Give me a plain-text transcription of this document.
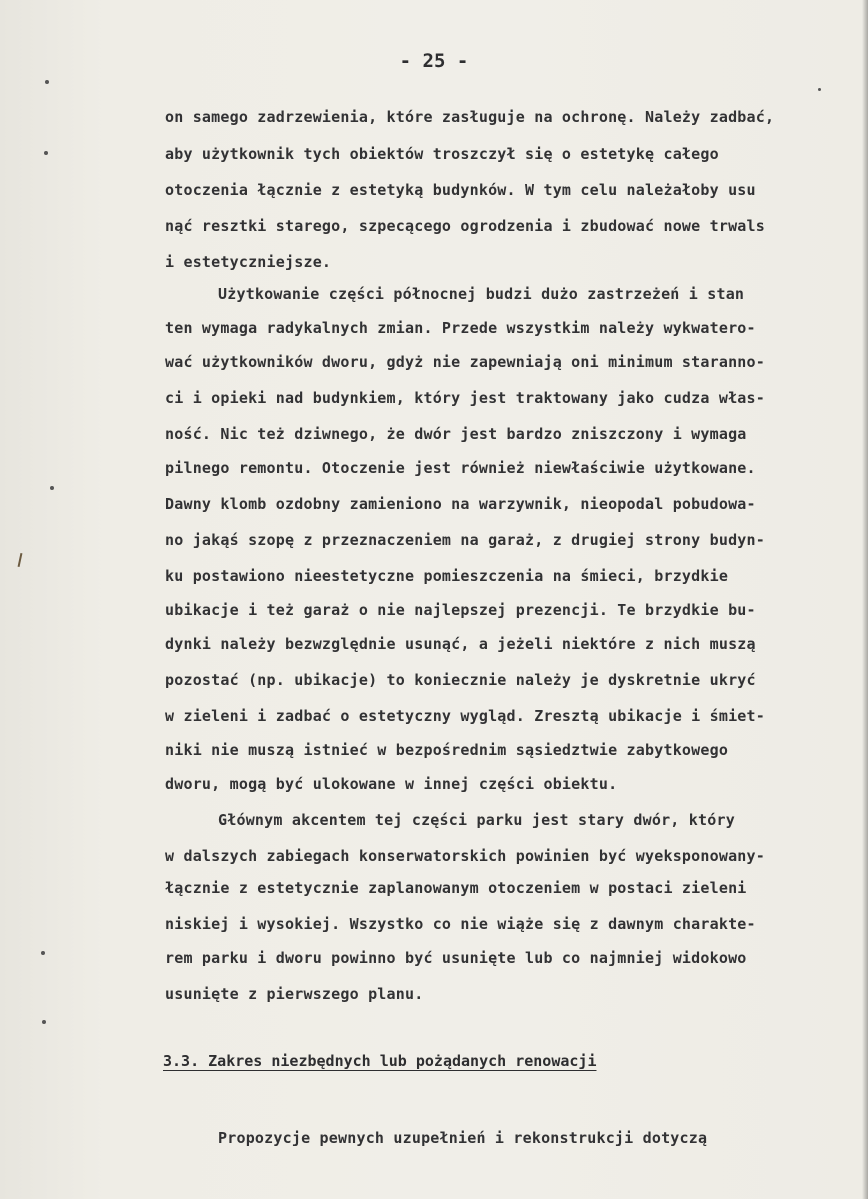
- 25 -
on samego zadrzewienia, które zasługuje na ochronę. Należy zadbać,
aby użytkownik tych obiektów troszczył się o estetykę całego
otoczenia łącznie z estetyką budynków. W tym celu należałoby usu
nąć resztki starego, szpecącego ogrodzenia i zbudować nowe trwals
i estetyczniejsze.
Użytkowanie części północnej budzi dużo zastrzeżeń i stan
ten wymaga radykalnych zmian. Przede wszystkim należy wykwatero-
wać użytkowników dworu, gdyż nie zapewniają oni minimum staranno-
ci i opieki nad budynkiem, który jest traktowany jako cudza włas-
ność. Nic też dziwnego, że dwór jest bardzo zniszczony i wymaga
pilnego remontu. Otoczenie jest również niewłaściwie użytkowane.
Dawny klomb ozdobny zamieniono na warzywnik, nieopodal pobudowa-
no jakąś szopę z przeznaczeniem na garaż, z drugiej strony budyn-
ku postawiono nieestetyczne pomieszczenia na śmieci, brzydkie
ubikacje i też garaż o nie najlepszej prezencji. Te brzydkie bu-
dynki należy bezwzględnie usunąć, a jeżeli niektóre z nich muszą
pozostać (np. ubikacje) to koniecznie należy je dyskretnie ukryć
w zieleni i zadbać o estetyczny wygląd. Zresztą ubikacje i śmiet-
niki nie muszą istnieć w bezpośrednim sąsiedztwie zabytkowego
dworu, mogą być ulokowane w innej części obiektu.
Głównym akcentem tej części parku jest stary dwór, który
w dalszych zabiegach konserwatorskich powinien być wyeksponowany-
łącznie z estetycznie zaplanowanym otoczeniem w postaci zieleni
niskiej i wysokiej. Wszystko co nie wiąże się z dawnym charakte-
rem parku i dworu powinno być usunięte lub co najmniej widokowo
usunięte z pierwszego planu.
3.3. Zakres niezbędnych lub pożądanych renowacji
Propozycje pewnych uzupełnień i rekonstrukcji dotyczą
